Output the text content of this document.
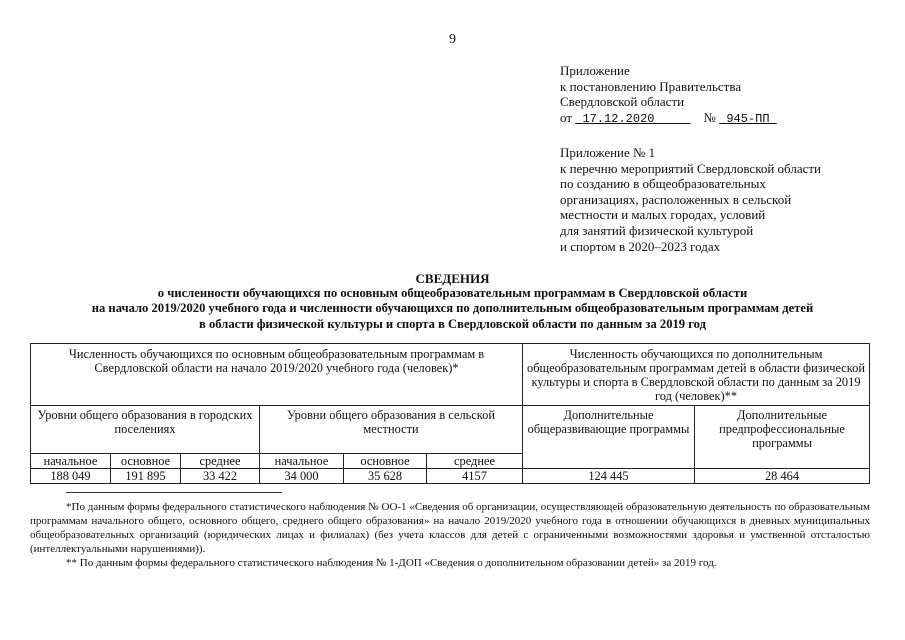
9
Приложение
к постановлению Правительства
Свердловской области
от 17.12.2020	№ 945-ПП
Приложение № 1
к перечню мероприятий Свердловской области
по созданию в общеобразовательных
организациях, расположенных в сельской
местности и малых городах, условий
для занятий физической культурой
и спортом в 2020–2023 годах
СВЕДЕНИЯ
о численности обучающихся по основным общеобразовательным программам в Свердловской области
на начало 2019/2020 учебного года и численности обучающихся по дополнительным общеобразовательным программам детей
в области физической культуры и спорта в Свердловской области по данным за 2019 год
Численность обучающихся по основным общеобразовательным программам в Свердловской области на начало 2019/2020 учебного года (человек)*						Численность обучающихся по дополнительным общеобразовательным программам детей в области физической культуры и спорта в Свердловской области по данным за 2019 год (человек)**	
Уровни общего образования в городских поселениях			Уровни общего образования в сельской местности			Дополнительные общеразвивающие программы	Дополнительные предпрофессиональные программы

начальное	основное	среднее	начальное	основное	среднее		
188 049	191 895	33 422	34 000	35 628	4157	124 445	28 464
*По данным формы федерального статистического наблюдения № ОО-1 «Сведения об организации, осуществляющей образовательную деятельность по образовательным программам начального общего, основного общего, среднего общего образования» на начало 2019/2020 учебного года в отношении обучающихся в дневных муниципальных общеобразовательных организаций (юридических лицах и филиалах) (без учета классов для детей с ограниченными возможностями здоровья и умственной отсталостью (интеллектуальными нарушениями)).
** По данным формы федерального статистического наблюдения № 1-ДОП «Сведения о дополнительном образовании детей» за 2019 год.
